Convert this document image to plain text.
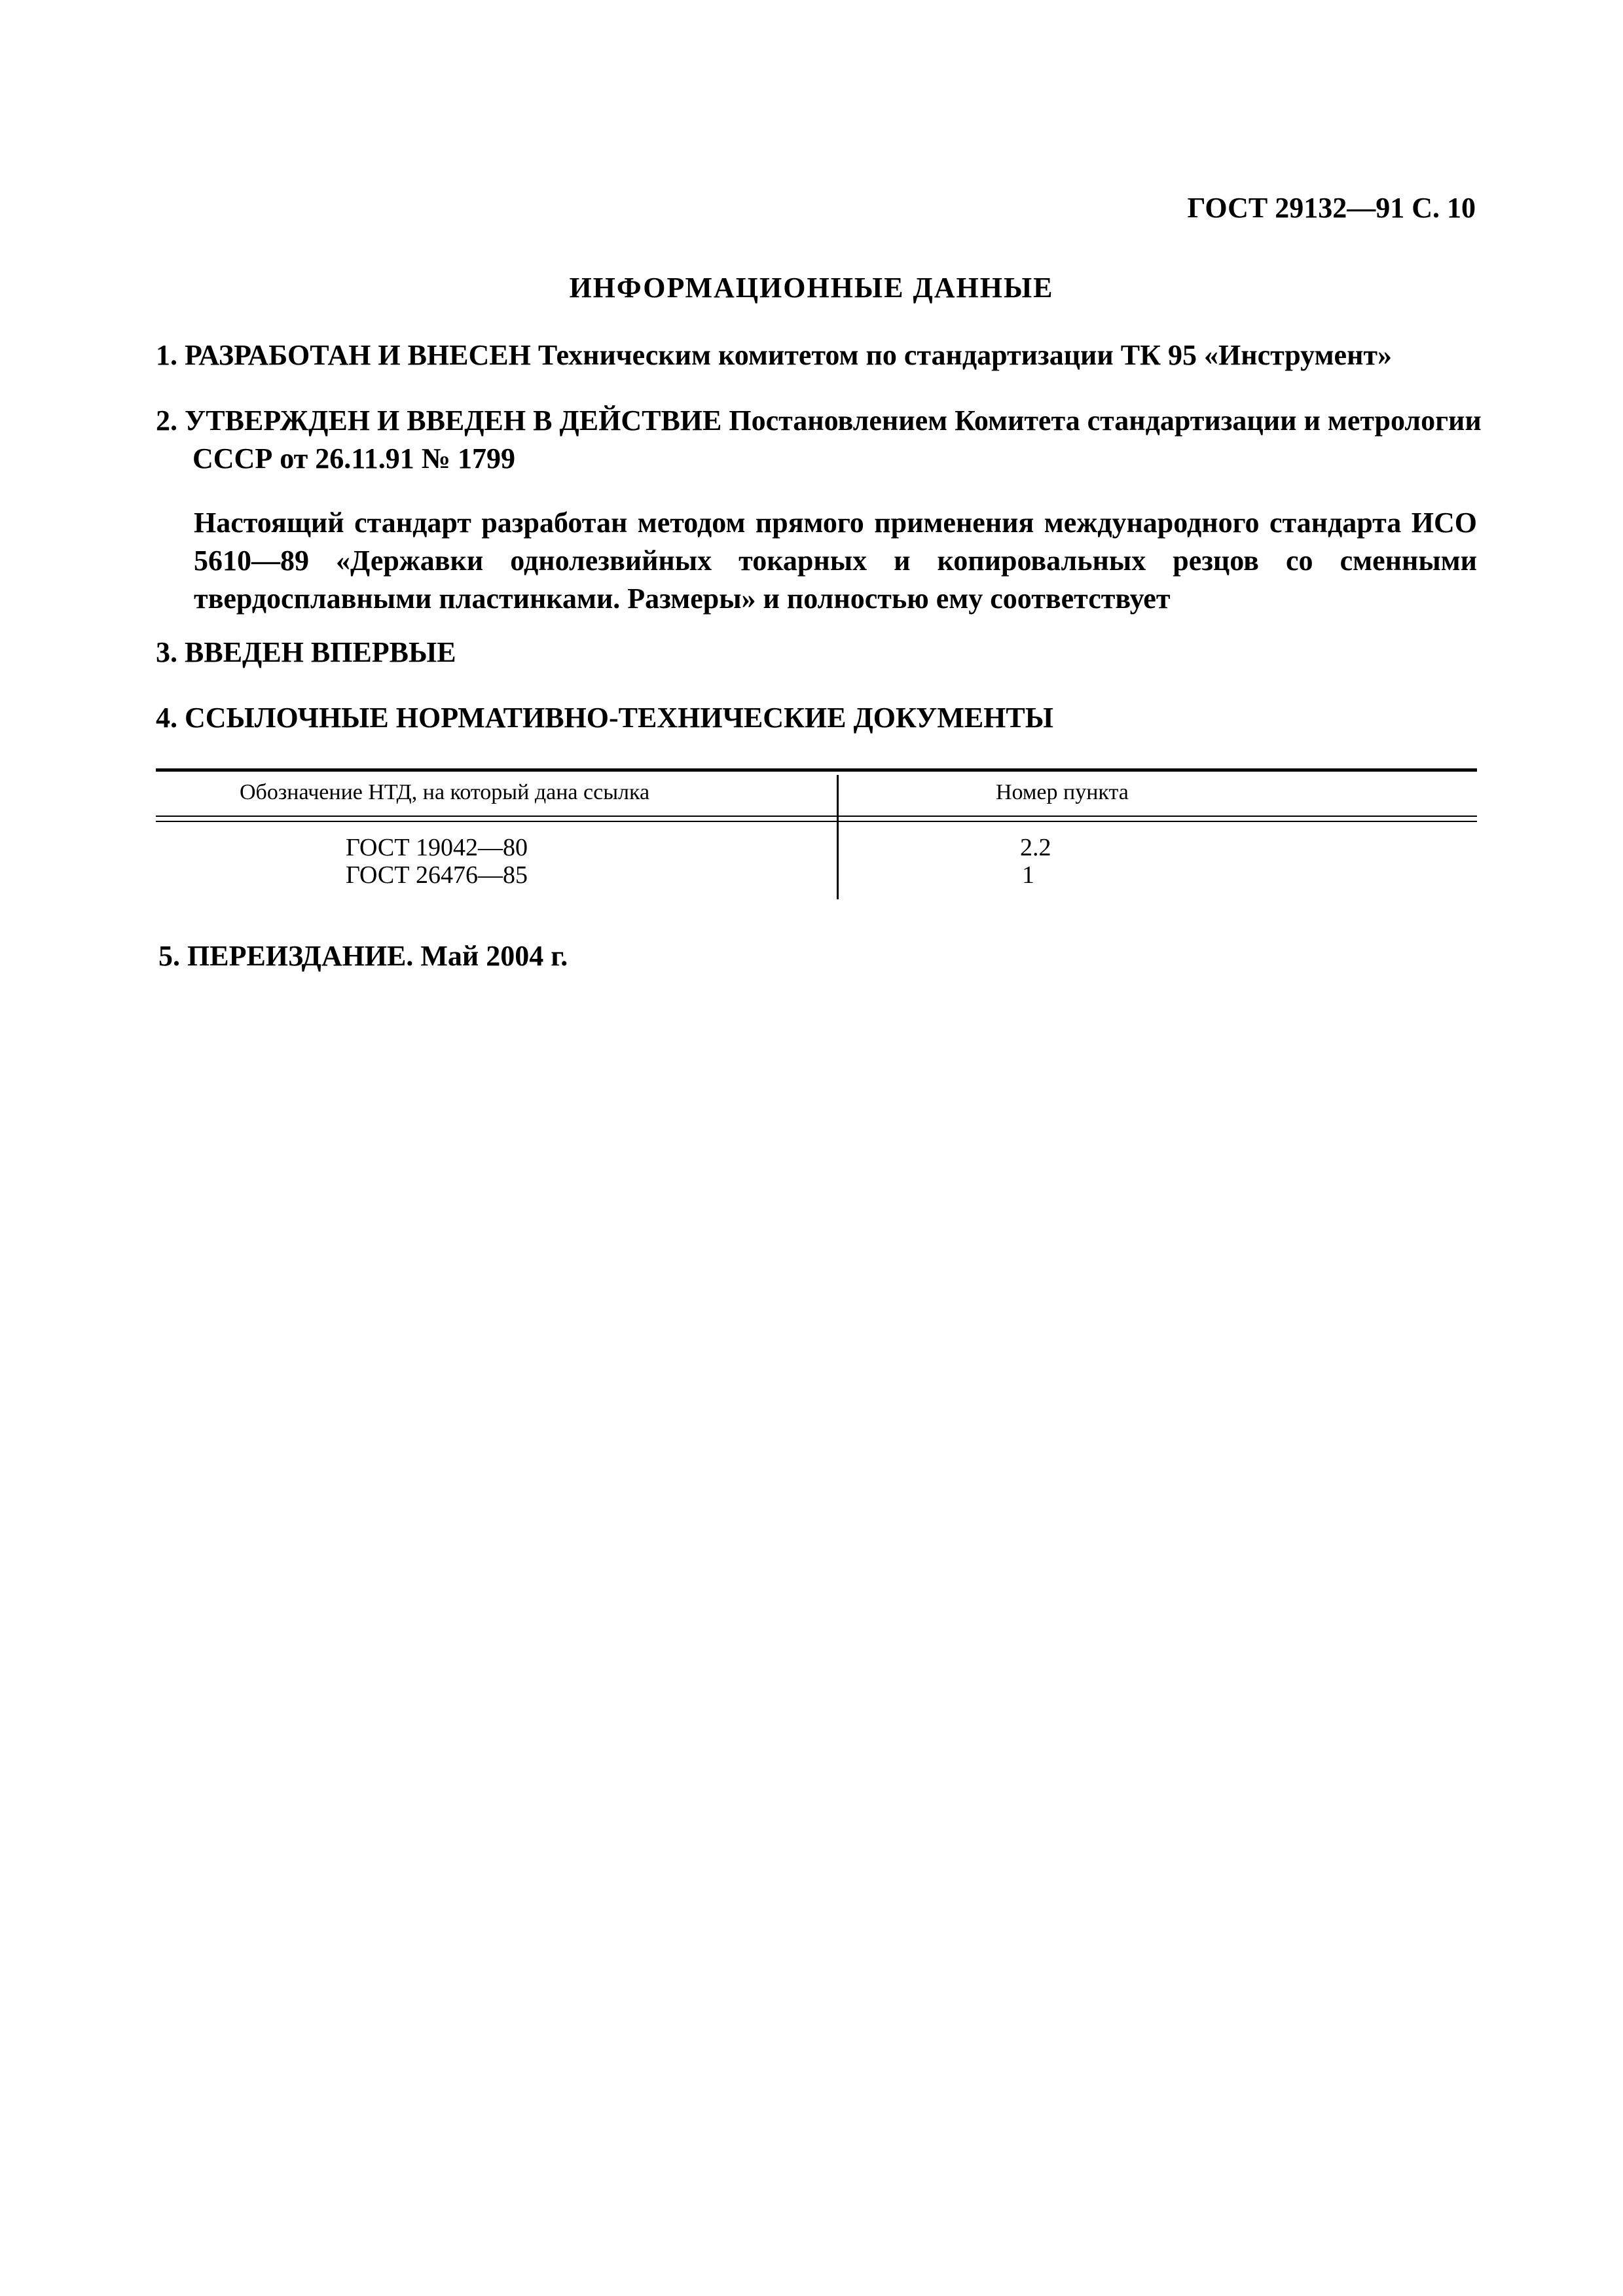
ГОСТ 29132—91 С. 10
ИНФОРМАЦИОННЫЕ ДАННЫЕ
1. РАЗРАБОТАН И ВНЕСЕН Техническим комитетом по стандартизации ТК 95 «Инструмент»
2. УТВЕРЖДЕН И ВВЕДЕН В ДЕЙСТВИЕ Постановлением Комитета стандартизации и метрологии
СССР от 26.11.91 № 1799
Настоящий стандарт разработан методом прямого применения международного стандарта ИСО 5610—89 «Державки однолезвийных токарных и копировальных резцов со сменными твердосплавными пластинками. Размеры» и полностью ему соответствует
3. ВВЕДЕН ВПЕРВЫЕ
4. ССЫЛОЧНЫЕ НОРМАТИВНО-ТЕХНИЧЕСКИЕ ДОКУМЕНТЫ
Обозначение НТД, на который дана ссылка	Номер пункта
ГОСТ 19042—80	2.2
ГОСТ 26476—85	1
5. ПЕРЕИЗДАНИЕ. Май 2004 г.
